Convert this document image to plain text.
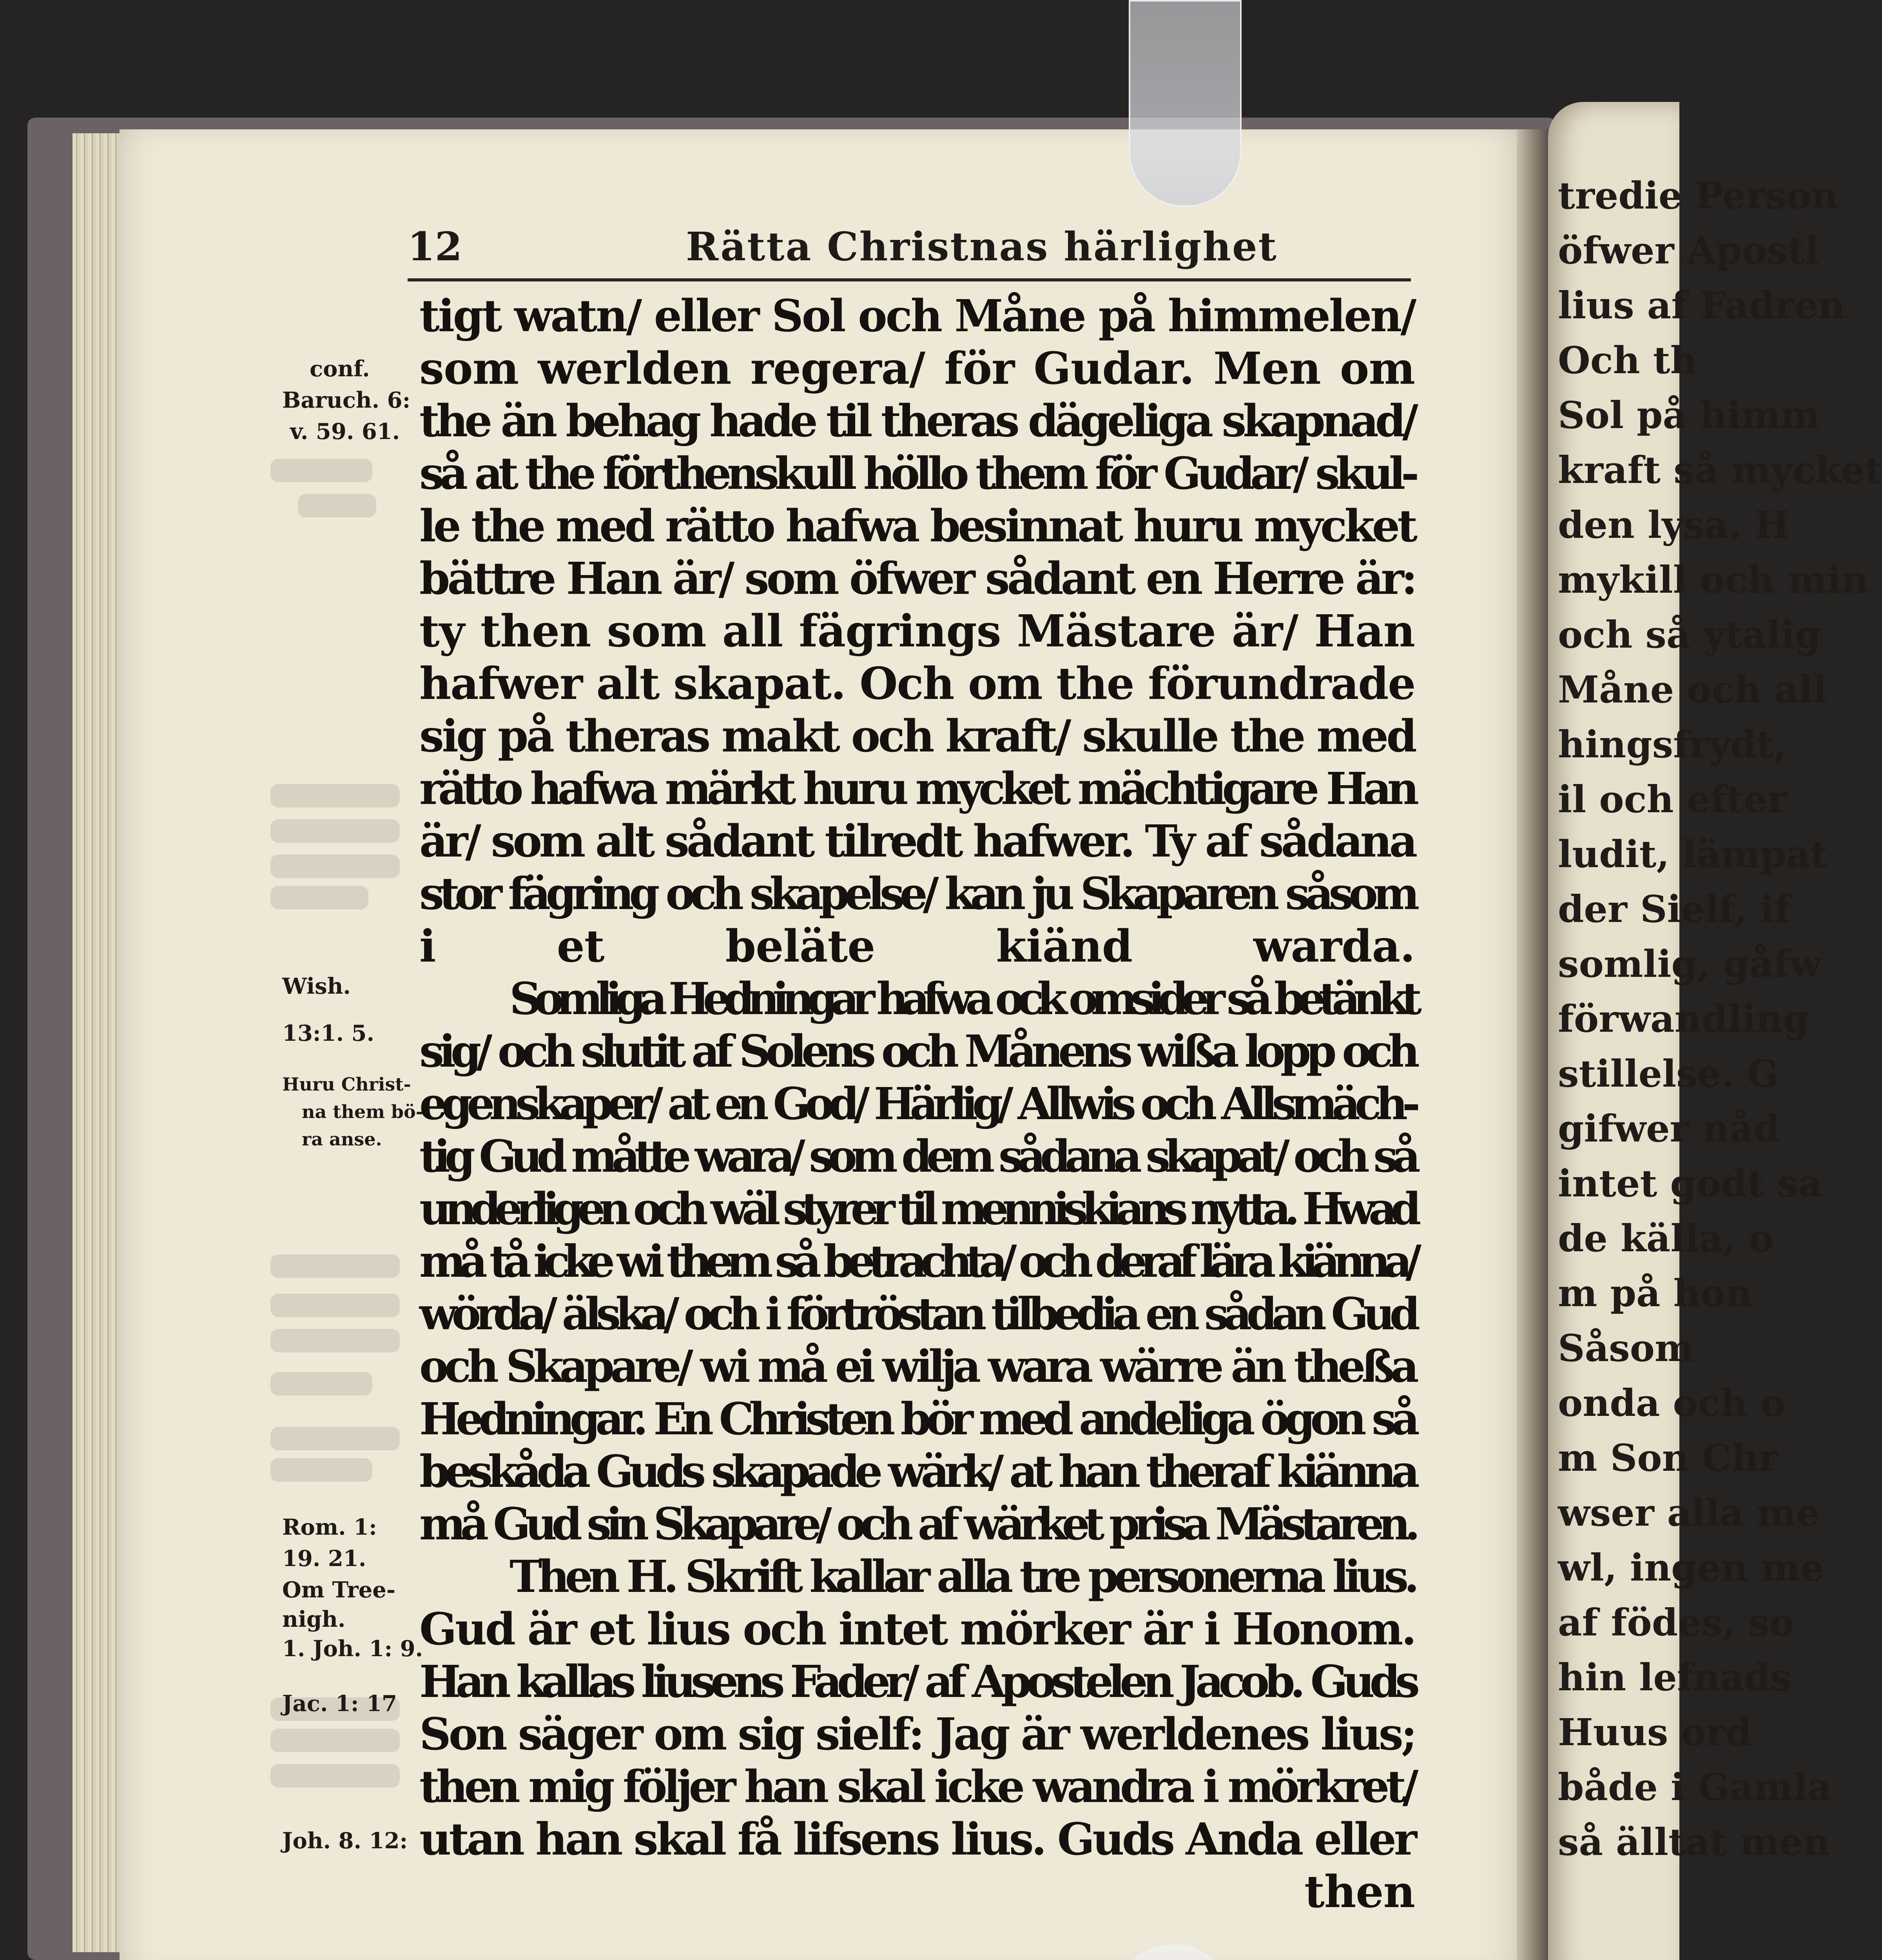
tredie Person
öfwer Apostl
lius af Fadren
Och th
Sol på himm
kraft så mycket
den lysa. H
mykill och min
och så ytalig
Måne och all
hingsfrydt,
il och efter
ludit, lämpat
der Sielf, if
somlig, gåfw
förwandling
stillelse. G
gifwer nåd
intet godt sa
de källa, o
m på hon
Såsom
onda och o
m Son Chr
wser alla me
wl, ingen me
af födes, so
hin lefnads
Huus ord
både i Gamla
så älltat men
12	Rätta Christnas härlighet
conf.
Baruch. 6:
v. 59. 61.
Wish.
13:1. 5.
Huru Christ-
na them bö-
ra anse.
Rom. 1:
19. 21.
Om Tree-
nigh.
1. Joh. 1: 9.
Jac. 1: 17
Joh. 8. 12:
tigt watn/ eller Sol och Måne på himmelen/
som werlden regera/ för Gudar. Men om
the än behag hade til theras dägeliga skapnad/
så at the förthenskull höllo them för Gudar/ skul-
le the med rätto hafwa besinnat huru mycket
bättre Han är/ som öfwer sådant en Herre är:
ty then som all fägrings Mästare är/ Han
hafwer alt skapat. Och om the förundrade
sig på theras makt och kraft/ skulle the med
rätto hafwa märkt huru mycket mächtigare Han
är/ som alt sådant tilredt hafwer. Ty af sådana
stor fägring och skapelse/ kan ju Skaparen såsom
i et beläte kiänd warda.
Somliga Hedningar hafwa ock omsider så betänkt
sig/ och slutit af Solens och Månens wißa lopp och
egenskaper/ at en God/ Härlig/ Allwis och Allsmäch-
tig Gud måtte wara/ som dem sådana skapat/ och så
underligen och wäl styrer til menniskians nytta. Hwad
må tå icke wi them så betrachta/ och deraf lära kiänna/
wörda/ älska/ och i förtröstan tilbedia en sådan Gud
och Skapare/ wi må ei wilja wara wärre än theßa
Hedningar. En Christen bör med andeliga ögon så
beskåda Guds skapade wärk/ at han theraf kiänna
må Gud sin Skapare/ och af wärket prisa Mästaren.
Then H. Skrift kallar alla tre personerna lius.
Gud är et lius och intet mörker är i Honom.
Han kallas liusens Fader/ af Apostelen Jacob. Guds
Son säger om sig sielf: Jag är werldenes lius;
then mig följer han skal icke wandra i mörkret/
utan han skal få lifsens lius. Guds Anda eller
then
